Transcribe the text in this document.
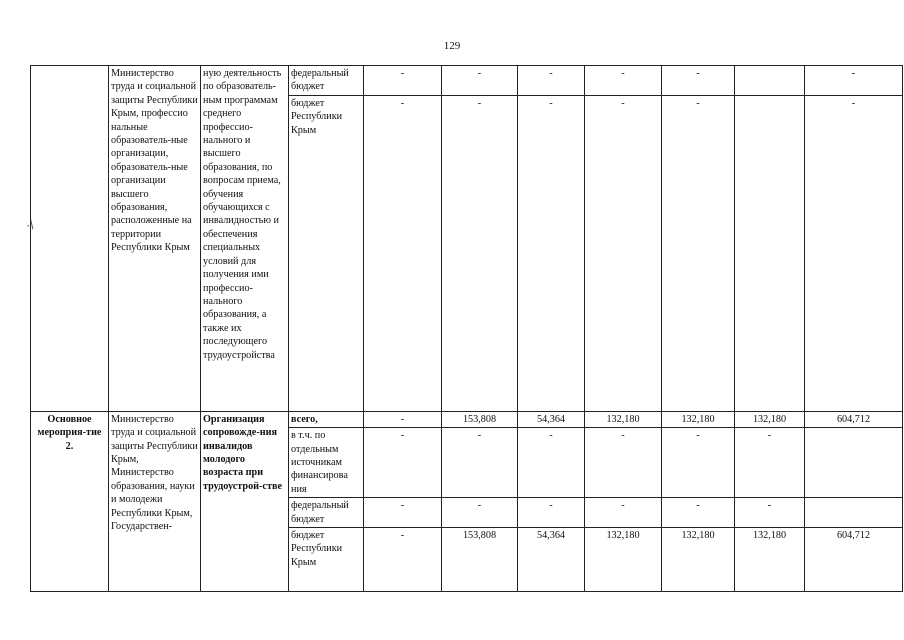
129
·/
	Министерство труда и социальной защиты Республики Крым, профессио нальные образователь-ные организации, образователь-ные организации высшего образования, расположенные на территории Республики Крым	ную деятельность по образователь-ным программам среднего профессио-нального и высшего образования, по вопросам приема, обучения обучающихся с инвалидностью и обеспечения специальных условий для получения ими профессио-нального образования, а также их последующего трудоустройства	федеральный бюджет	-	-	-	-	-		-
			бюджет Республики Крым	-	-	-	-	-		-
Основное мероприя-тие 2.	Министерство труда и социальной защиты Республики Крым, Министерство образования, науки и молодежи Республики Крым, Государствен-	Организация сопровожде-ния инвалидов молодого возраста при трудоустрой-стве	всего,	-	153,808	54,364	132,180	132,180	132,180	604,712
			в т.ч. по отдельным источникам финансирова ния	-	-	-	-	-	-	
			федеральный бюджет	-	-	-	-	-	-	
			бюджет Республики Крым	-	153,808	54,364	132,180	132,180	132,180	604,712
